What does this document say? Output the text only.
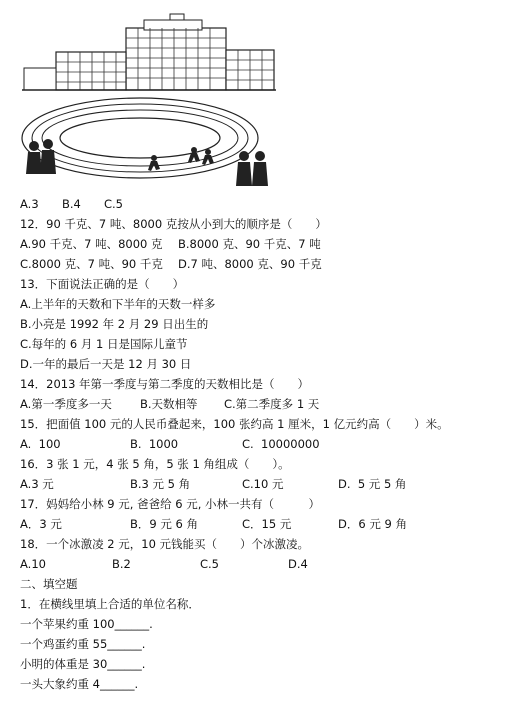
A.3 B.4 C.5
12．90 千克、7 吨、8000 克按从小到大的顺序是（　　）
A.90 千克、7 吨、8000 克 B.8000 克、90 千克、7 吨
C.8000 克、7 吨、90 千克 D.7 吨、8000 克、90 千克
13．下面说法正确的是（　　）
A.上半年的天数和下半年的天数一样多
B.小亮是 1992 年 2 月 29 日出生的
C.每年的 6 月 1 日是国际儿童节
D.一年的最后一天是 12 月 30 日
14．2013 年第一季度与第二季度的天数相比是（　　）
A.第一季度多一天 B.天数相等 C.第二季度多 1 天
15．把面值 100 元的人民币叠起来，100 张约高 1 厘米，1 亿元约高（　　）米。
A.  100	B.  1000	C.  10000000
16．3 张 1 元，4 张 5 角，5 张 1 角组成（　　）。
A.3 元	B.3 元 5 角	C.10 元	D.  5 元 5 角
17．妈妈给小林 9 元, 爸爸给 6 元, 小林一共有（　　　）
A．3 元	B．9 元 6 角	C．15 元	D．6 元 9 角
18．一个冰激凌 2 元，10 元钱能买（　　）个冰激凌。
A.10	B.2	C.5	D.4
二、填空题
1．在横线里填上合适的单位名称．
一个苹果约重 100______.
一个鸡蛋约重 55______.
小明的体重是 30______.
一头大象约重 4______.
